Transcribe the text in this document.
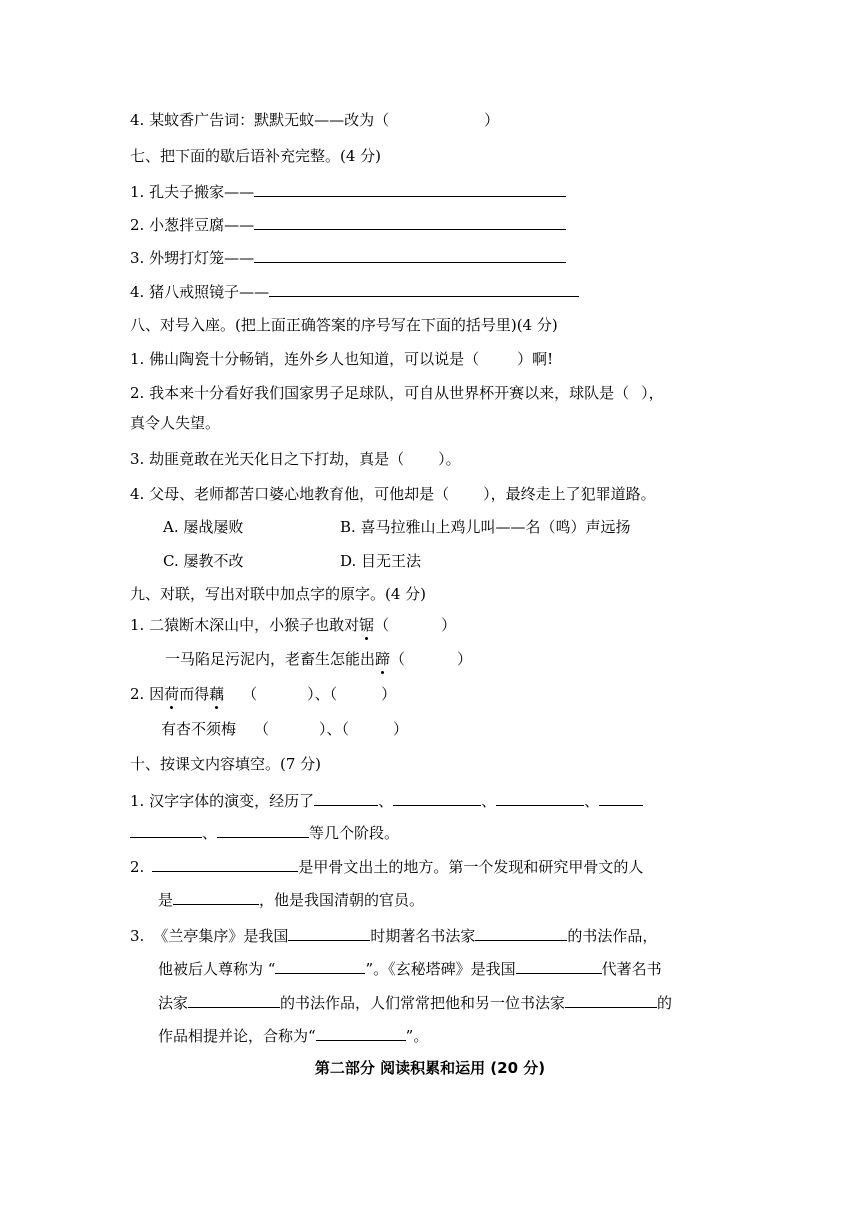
4. 某蚊香广告词：默默无蚊——改为（	）
七、把下面的歇后语补充完整。(4 分)
1. 孔夫子搬家——
2. 小葱拌豆腐——
3. 外甥打灯笼——
4. 猪八戒照镜子——
八、对号入座。(把上面正确答案的序号写在下面的括号里)(4 分)
1. 佛山陶瓷十分畅销，连外乡人也知道，可以说是（	）啊!
2. 我本来十分看好我们国家男子足球队，可自从世界杯开赛以来，球队是（ ），
真令人失望。
3. 劫匪竟敢在光天化日之下打劫，真是（ ）。
4. 父母、老师都苦口婆心地教育他，可他却是（ ），最终走上了犯罪道路。
A. 屡战屡败	B. 喜马拉雅山上鸡儿叫——名（鸣）声远扬
C. 屡教不改	D. 目无王法
九、对联，写出对联中加点字的原字。(4 分)
1. 二猿断木深山中，小猴子也敢对锯（	）
一马陷足污泥内，老畜生怎能出蹄（	）
2. 因荷而得藕 （	）、（	）
有杏不须梅 （	）、（	）
十、按课文内容填空。(7 分)
1. 汉字字体的演变，经历了	、	、	、
、	等几个阶段。
2.	是甲骨文出土的地方。第一个发现和研究甲骨文的人
是	，他是我国清朝的官员。
3. 《兰亭集序》是我国	时期著名书法家	的书法作品，
他被后人尊称为 “	”。《玄秘塔碑》是我国	代著名书
法家	的书法作品，人们常常把他和另一位书法家	的
作品相提并论，合称为“	”。
第二部分 阅读积累和运用 (20 分)
